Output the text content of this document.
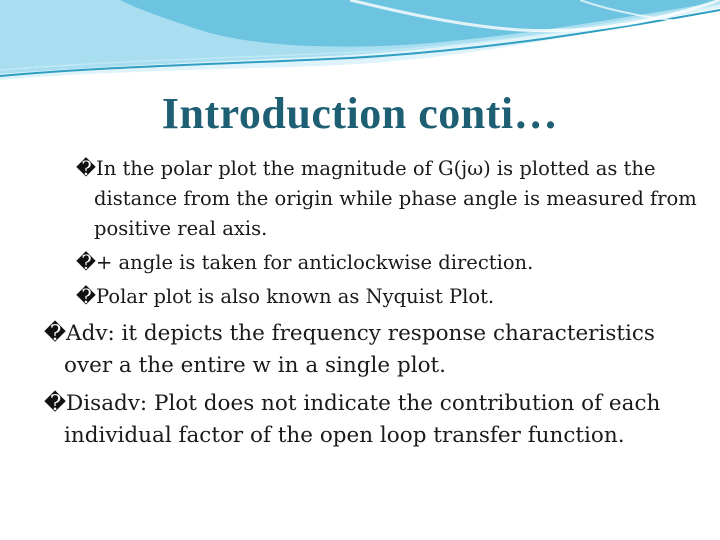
Introduction conti…
�In the polar plot the magnitude of G(jω) is plotted as the distance from the origin while phase angle is measured from positive real axis.
�+ angle is taken for anticlockwise direction.
�Polar plot is also known as Nyquist Plot.
�Adv: it depicts the frequency response characteristics over a the entire w in a single plot.
�Disadv: Plot does not indicate the contribution of each individual factor of the open loop transfer function.
